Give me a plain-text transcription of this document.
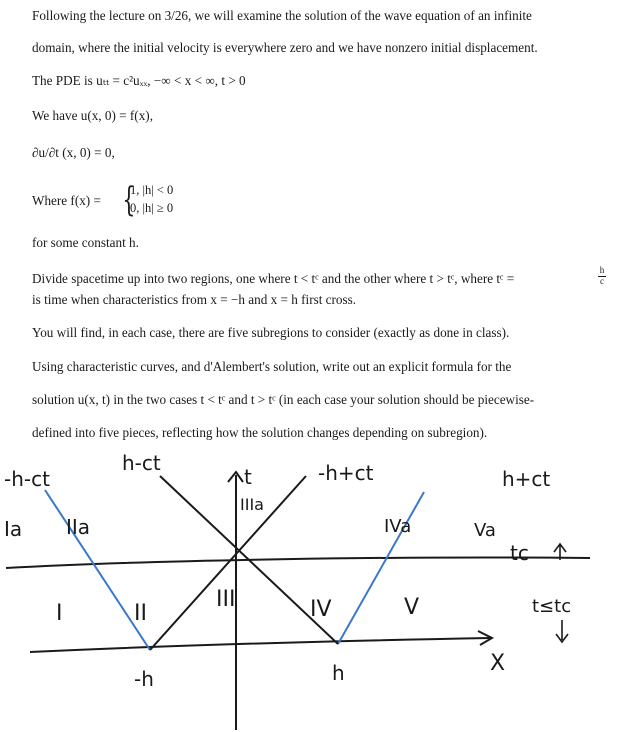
Following the lecture on 3/26, we will examine the solution of the wave equation of an infinite
domain, where the initial velocity is everywhere zero and we have nonzero initial displacement.
The PDE is uₜₜ = c²uₓₓ, −∞ < x < ∞, t > 0
We have u(x, 0) = f(x),
∂u/∂t (x, 0) = 0,
Where f(x) = {
1, |h| < 0
0, |h| ≥ 0
for some constant h.
Divide spacetime up into two regions, one where t < tᶜ and the other where t > tᶜ, where tᶜ =
h
c
is time when characteristics from x = −h and x = h first cross.
You will find, in each case, there are five subregions to consider (exactly as done in class).
Using characteristic curves, and d'Alembert's solution, write out an explicit formula for the
solution u(x, t) in the two cases t < tᶜ and t > tᶜ (in each case your solution should be piecewise-
defined into five pieces, reflecting how the solution changes depending on subregion).
-h-ct
h-ct
t	-h+ct	h+ct
IIIa
Ia IIa	IVa	Va
tc
I	II
III	IV	V	t≤tc
-h	h	X
